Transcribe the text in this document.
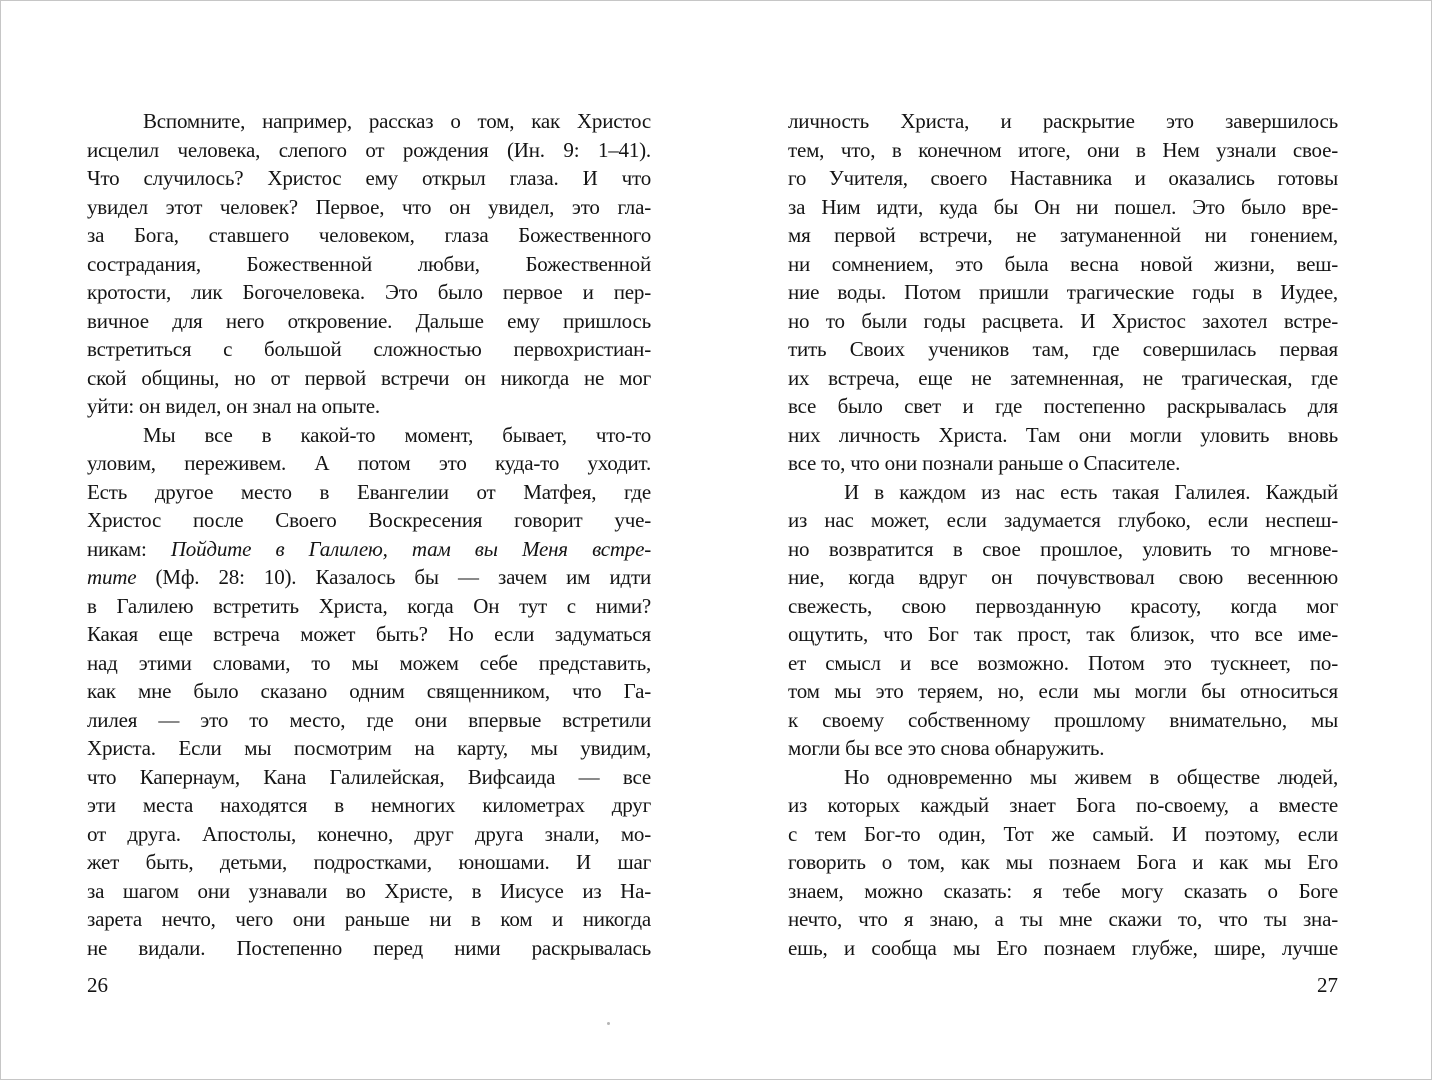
Вспомните, например, рассказ о том, как Христос
исцелил человека, слепого от рождения (Ин. 9: 1–41).
Что случилось? Христос ему открыл глаза. И что
увидел этот человек? Первое, что он увидел, это гла-
за Бога, ставшего человеком, глаза Божественного
сострадания, Божественной любви, Божественной
кротости, лик Богочеловека. Это было первое и пер-
вичное для него откровение. Дальше ему пришлось
встретиться с большой сложностью первохристиан-
ской общины, но от первой встречи он никогда не мог
уйти: он видел, он знал на опыте.
Мы все в какой-то момент, бывает, что-то
уловим, переживем. А потом это куда-то уходит.
Есть другое место в Евангелии от Матфея, где
Христос после Своего Воскресения говорит уче-
никам: Пойдите в Галилею, там вы Меня встре-
тите (Мф. 28: 10). Казалось бы — зачем им идти
в Галилею встретить Христа, когда Он тут с ними?
Какая еще встреча может быть? Но если задуматься
над этими словами, то мы можем себе представить,
как мне было сказано одним священником, что Га-
лилея — это то место, где они впервые встретили
Христа. Если мы посмотрим на карту, мы увидим,
что Капернаум, Кана Галилейская, Вифсаида — все
эти места находятся в немногих километрах друг
от друга. Апостолы, конечно, друг друга знали, мо-
жет быть, детьми, подростками, юношами. И шаг
за шагом они узнавали во Христе, в Иисусе из На-
зарета нечто, чего они раньше ни в ком и никогда
не видали. Постепенно перед ними раскрывалась
личность Христа, и раскрытие это завершилось
тем, что, в конечном итоге, они в Нем узнали свое-
го Учителя, своего Наставника и оказались готовы
за Ним идти, куда бы Он ни пошел. Это было вре-
мя первой встречи, не затуманенной ни гонением,
ни сомнением, это была весна новой жизни, веш-
ние воды. Потом пришли трагические годы в Иудее,
но то были годы расцвета. И Христос захотел встре-
тить Своих учеников там, где совершилась первая
их встреча, еще не затемненная, не трагическая, где
все было свет и где постепенно раскрывалась для
них личность Христа. Там они могли уловить вновь
все то, что они познали раньше о Спасителе.
И в каждом из нас есть такая Галилея. Каждый
из нас может, если задумается глубоко, если неспеш-
но возвратится в свое прошлое, уловить то мгнове-
ние, когда вдруг он почувствовал свою весеннюю
свежесть, свою первозданную красоту, когда мог
ощутить, что Бог так прост, так близок, что все име-
ет смысл и все возможно. Потом это тускнеет, по-
том мы это теряем, но, если мы могли бы относиться
к своему собственному прошлому внимательно, мы
могли бы все это снова обнаружить.
Но одновременно мы живем в обществе людей,
из которых каждый знает Бога по-своему, а вместе
с тем Бог-то один, Тот же самый. И поэтому, если
говорить о том, как мы познаем Бога и как мы Его
знаем, можно сказать: я тебе могу сказать о Боге
нечто, что я знаю, а ты мне скажи то, что ты зна-
ешь, и сообща мы Его познаем глубже, шире, лучше
26	27
